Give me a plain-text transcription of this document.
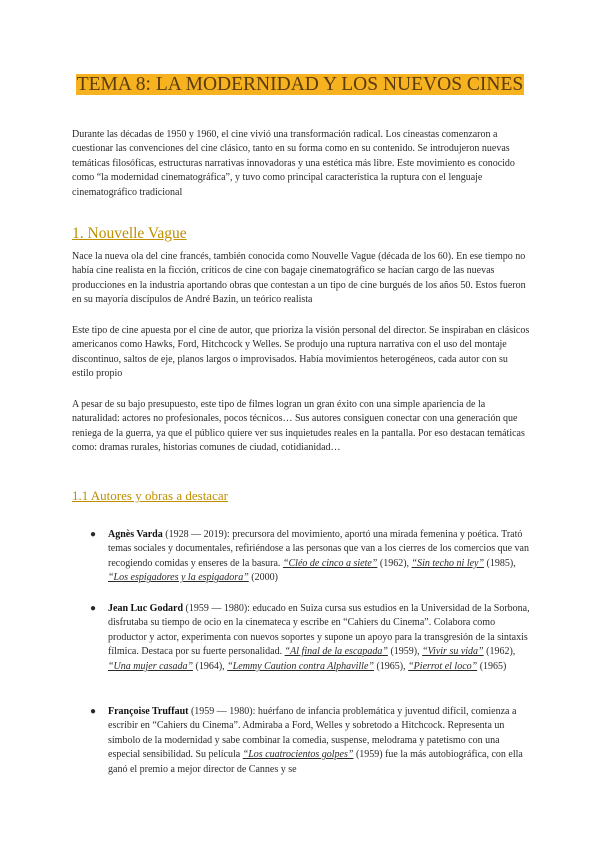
TEMA 8: LA MODERNIDAD Y LOS NUEVOS CINES

Durante las décadas de 1950 y 1960, el cine vivió una transformación radical. Los cineastas comenzaron a cuestionar las convenciones del cine clásico, tanto en su forma como en su contenido. Se introdujeron nuevas temáticas filosóficas, estructuras narrativas innovadoras y una estética más libre. Este movimiento es conocido como “la modernidad cinematográfica”, y tuvo como principal característica la ruptura con el lenguaje cinematográfico tradicional

1. Nouvelle Vague

Nace la nueva ola del cine francés, también conocida como Nouvelle Vague (década de los 60). En ese tiempo no había cine realista en la ficción, críticos de cine con bagaje cinematográfico se hacían cargo de las nuevas producciones en la industria aportando obras que contestan a un tipo de cine burgués de los años 50. Estos fueron en su mayoría discípulos de André Bazin, un teórico realista

Este tipo de cine apuesta por el cine de autor, que prioriza la visión personal del director. Se inspiraban en clásicos americanos como Hawks, Ford, Hitchcock y Welles. Se produjo una ruptura narrativa con el uso del montaje discontinuo, saltos de eje, planos largos o improvisados. Había movimientos heterogéneos, cada autor con su estilo propio

A pesar de su bajo presupuesto, este tipo de filmes logran un gran éxito con una simple apariencia de la naturalidad: actores no profesionales, pocos técnicos… Sus autores consiguen conectar con una generación que reniega de la guerra, ya que el público quiere ver sus inquietudes reales en la pantalla. Por eso destacan temáticas como: dramas rurales, historias comunes de ciudad, cotidianidad…

1.1 Autores y obras a destacar

● Agnès Varda (1928 — 2019): precursora del movimiento, aportó una mirada femenina y poética. Trató temas sociales y documentales, refiriéndose a las personas que van a los cierres de los comercios que van recogiendo comidas y enseres de la basura. “Cléo de cinco a siete” (1962), “Sin techo ni ley” (1985), “Los espigadores y la espigadora” (2000)

● Jean Luc Godard (1959 — 1980): educado en Suiza cursa sus estudios en la Universidad de la Sorbona, disfrutaba su tiempo de ocio en la cinemateca y escribe en “Cahiers du Cinema”. Colabora como productor y actor, experimenta con nuevos soportes y supone un apoyo para la transgresión de la sintaxis fílmica. Destaca por su fuerte personalidad. “Al final de la escapada” (1959), “Vivir su vida” (1962), “Una mujer casada” (1964), “Lemmy Caution contra Alphaville” (1965), “Pierrot el loco” (1965)

● Françoise Truffaut (1959 — 1980): huérfano de infancia problemática y juventud difícil, comienza a escribir en “Cahiers du Cinema”. Admiraba a Ford, Welles y sobretodo a Hitchcock. Representa un símbolo de la modernidad y sabe combinar la comedia, suspense, melodrama y patetismo con una especial sensibilidad. Su película “Los cuatrocientos golpes” (1959) fue la más autobiográfica, con ella ganó el premio a mejor director de Cannes y se
